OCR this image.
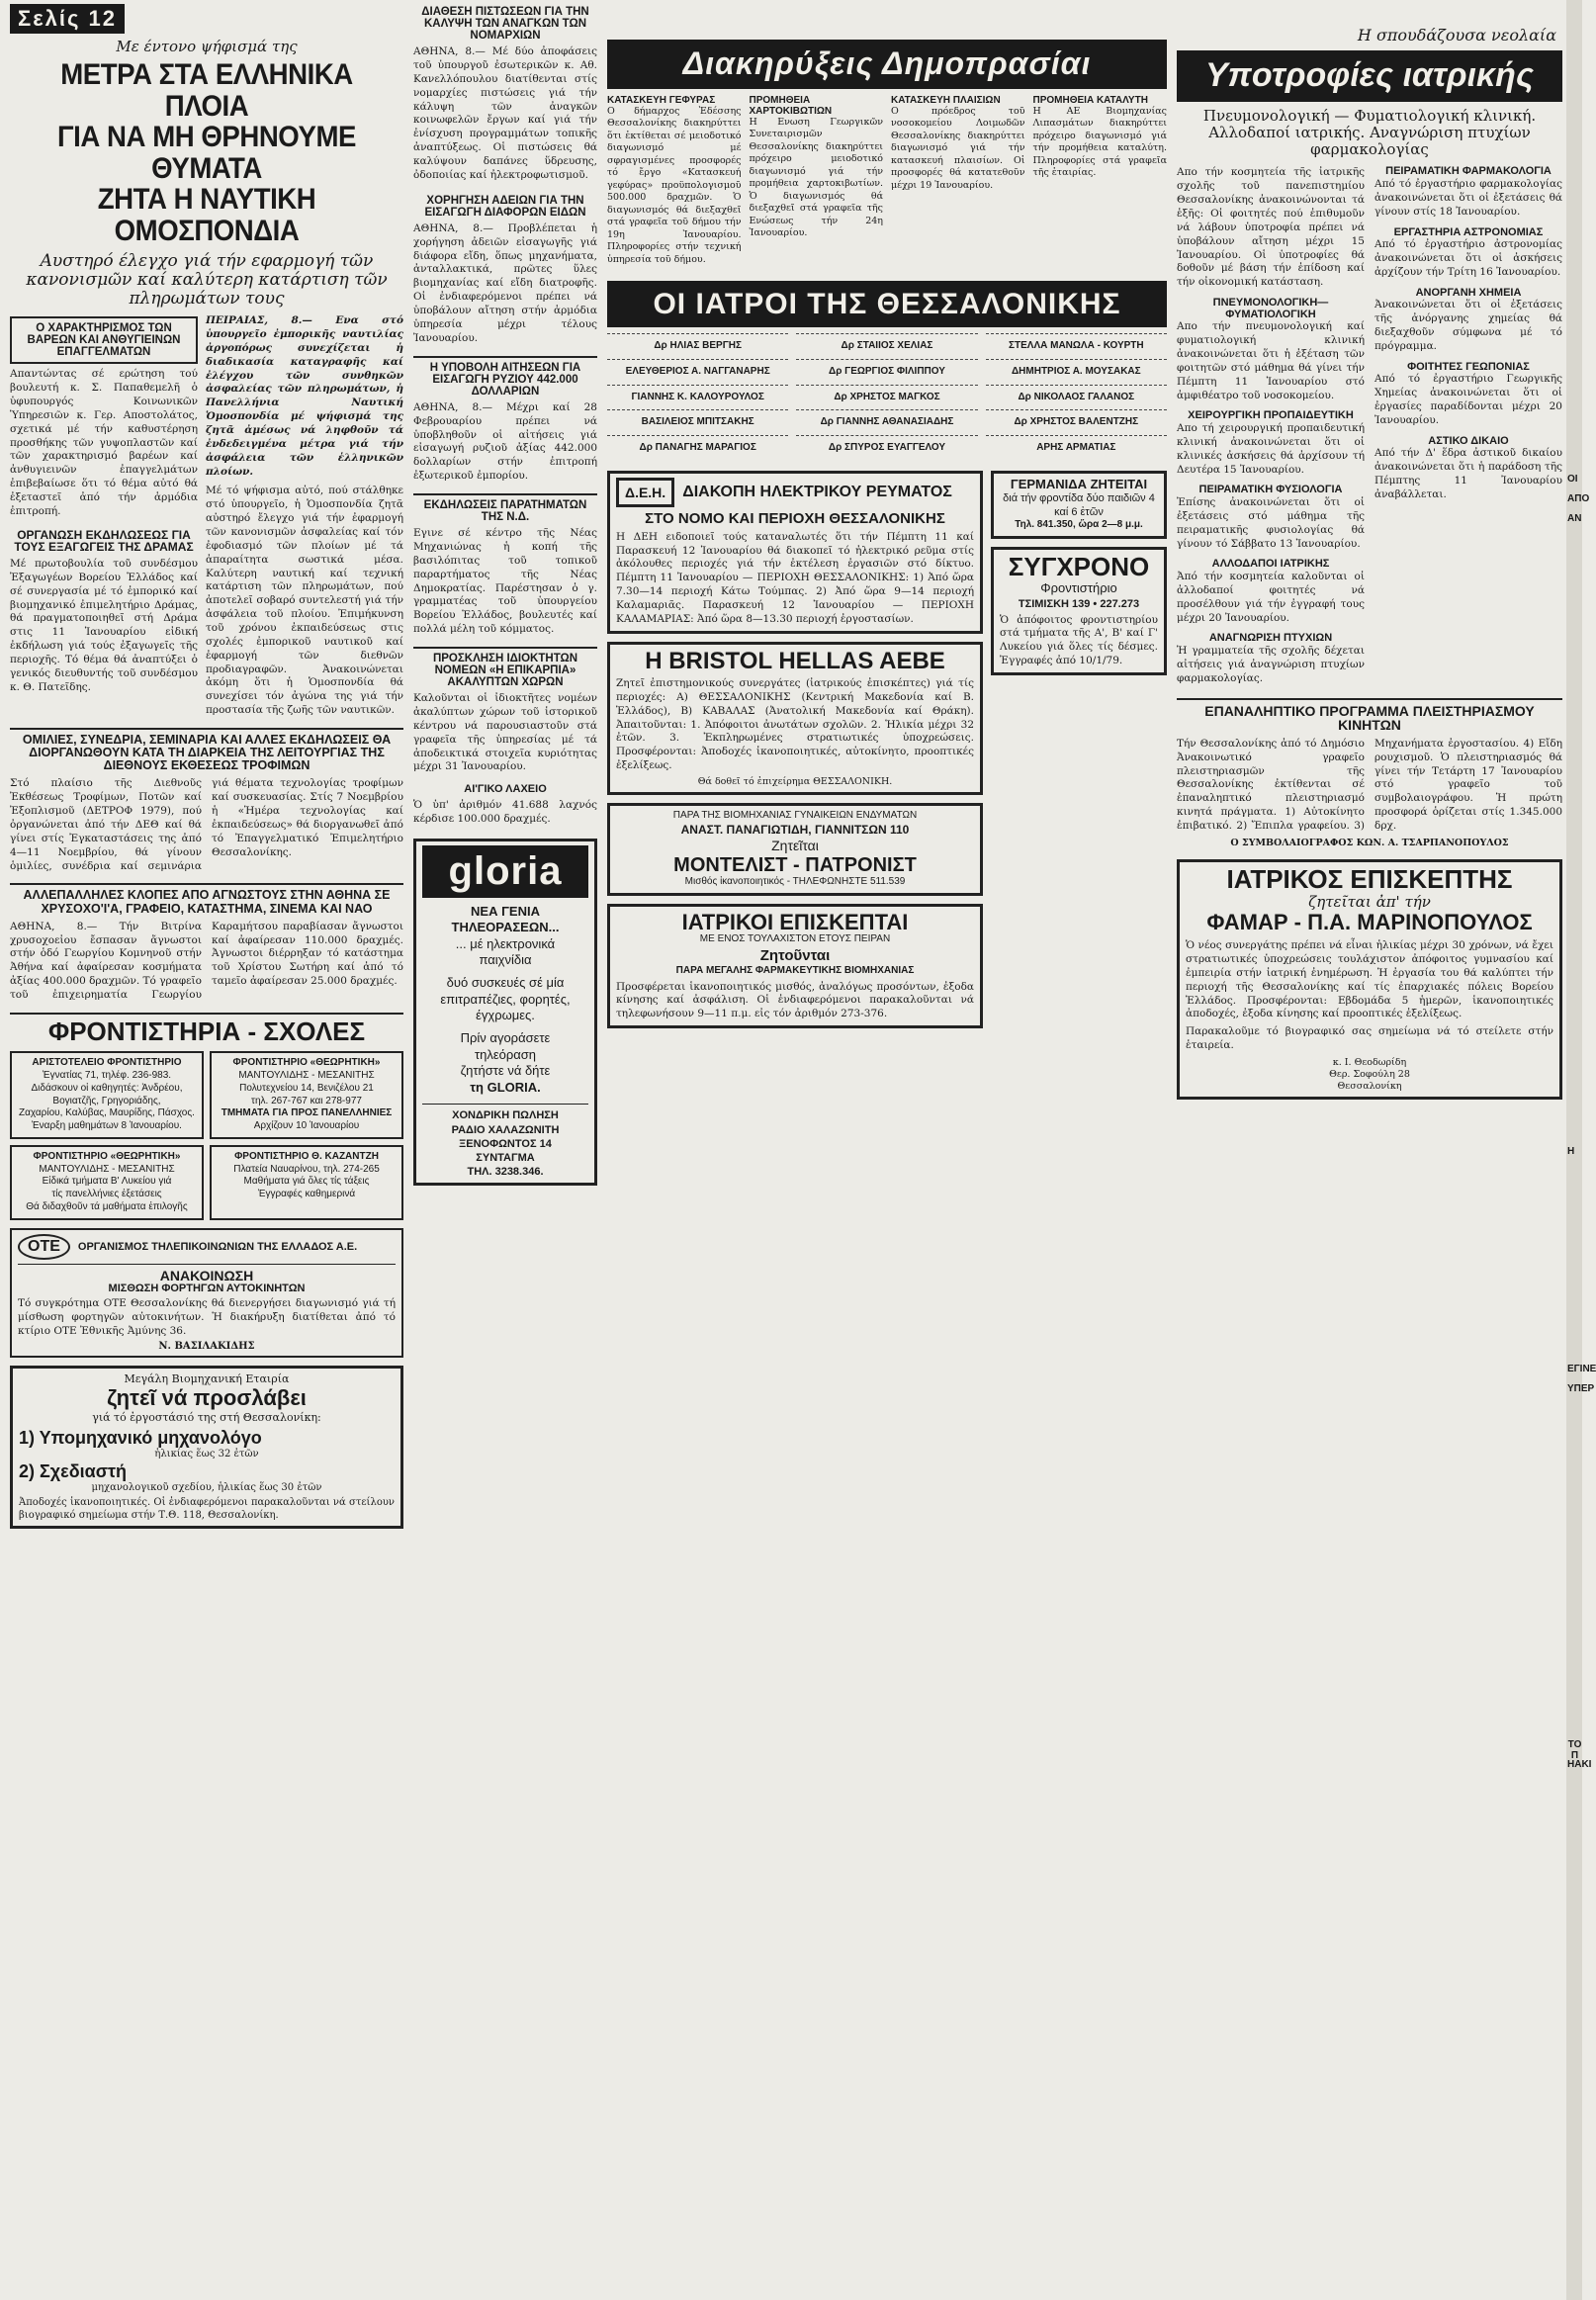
Σελίς 12
Με έντονο ψήφισμά της
ΜΕΤΡΑ ΣΤΑ ΕΛΛΗΝΙΚΑ ΠΛΟΙΑ
ΓΙΑ ΝΑ ΜΗ ΘΡΗΝΟΥΜΕ ΘΥΜΑΤΑ
ΖΗΤΑ Η ΝΑΥΤΙΚΗ ΟΜΟΣΠΟΝΔΙΑ
Αυστηρό έλεγχο γιά τήν εφαρμογή τῶν κανονισμῶν καί καλύτερη κατάρτιση τῶν πληρωμάτων τους
Ο ΧΑΡΑΚΤΗΡΙΣΜΟΣ ΤΩΝ ΒΑΡΕΩΝ ΚΑΙ ΑΝΘΥΓΙΕΙΝΩΝ ΕΠΑΓΓΕΛΜΑΤΩΝ
Απαντώντας σέ ερώτηση τού βουλευτή κ. Σ. Παπαθεμελῆ ὁ ὑφυπουργός Κοινωνικῶν Ὑπηρεσιῶν κ. Γερ. Αποστολάτος, σχετικά μέ τήν καθυστέρηση προσθήκης τῶν γυψοπλαστῶν καί τῶν χαρακτηρισμό βαρέων καί ἀνθυγιεινῶν ἐπαγγελμάτων ἐπιβεβαίωσε ὅτι τό θέμα αὐτό θά ἐξεταστεῖ ἀπό τήν ἁρμόδια ἐπιτροπή.
ΟΡΓΑΝΩΣΗ ΕΚΔΗΛΩΣΕΩΣ ΓΙΑ ΤΟΥΣ ΕΞΑΓΩΓΕΙΣ ΤΗΣ ΔΡΑΜΑΣ
Μέ πρωτοβουλία τοῦ συνδέσμου Ἐξαγωγέων Βορείου Ἑλλάδος καί σέ συνεργασία μέ τό ἐμπορικό καί βιομηχανικό ἐπιμελητήριο Δράμας, θά πραγματοποιηθεῖ στή Δράμα στις 11 Ἰανουαρίου εἰδική ἐκδήλωση γιά τούς ἐξαγωγεῖς τῆς περιοχῆς. Τό θέμα θά ἀναπτύξει ὁ γενικός διευθυντής τοῦ συνδέσμου κ. Θ. Πατεῖδης.
ΠΕΙΡΑΙΑΣ, 8.— Ενα στό ὑπουργεῖο ἐμπορικῆς ναυτιλίας ἀργοπόρως συνεχίζεται ἡ διαδικασία καταγραφῆς καί ἐλέγχου τῶν συνθηκῶν ἀσφαλείας τῶν πληρωμάτων, ἡ Πανελλήνια Ναυτική Ὁμοσπονδία μέ ψήφισμά της ζητᾶ ἀμέσως νά ληφθοῦν τά ἐνδεδειγμένα μέτρα γιά τήν ἀσφάλεια τῶν ἑλληνικῶν πλοίων.
Μέ τό ψήφισμα αὐτό, πού στάλθηκε στό ὑπουργεῖο, ἡ Ὁμοσπονδία ζητᾶ αὐστηρό ἔλεγχο γιά τήν ἐφαρμογή τῶν κανονισμῶν ἀσφαλείας καί τόν ἐφοδιασμό τῶν πλοίων μέ τά ἀπαραίτητα σωστικά μέσα. Καλύτερη ναυτική καί τεχνική κατάρτιση τῶν πληρωμάτων, πού ἀποτελεῖ σοβαρό συντελεστή γιά τήν ἀσφάλεια τοῦ πλοίου. Ἐπιμήκυνση τοῦ χρόνου ἐκπαιδεύσεως στις σχολές ἐμπορικοῦ ναυτικοῦ καί ἐφαρμογή τῶν διεθνῶν προδιαγραφῶν. Ἀνακοινώνεται ἀκόμη ὅτι ἡ Ὁμοσπονδία θά συνεχίσει τόν ἀγώνα της γιά τήν προστασία τῆς ζωῆς τῶν ναυτικῶν.
ΟΜΙΛΙΕΣ, ΣΥΝΕΔΡΙΑ, ΣΕΜΙΝΑΡΙΑ ΚΑΙ ΑΛΛΕΣ ΕΚΔΗΛΩΣΕΙΣ ΘΑ ΔΙΟΡΓΑΝΩΘΟΥΝ ΚΑΤΑ ΤΗ ΔΙΑΡΚΕΙΑ ΤΗΣ ΛΕΙΤΟΥΡΓΙΑΣ ΤΗΣ ΔΙΕΘΝΟΥΣ ΕΚΘΕΣΕΩΣ ΤΡΟΦΙΜΩΝ
Στό πλαίσιο τῆς Διεθνοῦς Ἐκθέσεως Τροφίμων, Ποτῶν καί Ἐξοπλισμοῦ (ΔΕΤΡΟΦ 1979), πού ὀργανώνεται ἀπό τήν ΔΕΘ καί θά γίνει στίς Ἐγκαταστάσεις της ἀπό 4—11 Νοεμβρίου, θά γίνουν ὁμιλίες, συνέδρια καί σεμινάρια γιά θέματα τεχνολογίας τροφίμων καί συσκευασίας. Στίς 7 Νοεμβρίου ἡ «Ἡμέρα τεχνολογίας καί ἐκπαιδεύσεως» θά διοργανωθεῖ ἀπό τό Ἐπαγγελματικό Ἐπιμελητήριο Θεσσαλονίκης.
ΑΛΛΕΠΑΛΛΗΛΕΣ ΚΛΟΠΕΣ ΑΠΟ ΑΓΝΩΣΤΟΥΣ ΣΤΗΝ ΑΘΗΝΑ ΣΕ ΧΡΥΣΟΧΟ'Ι'Α, ΓΡΑΦΕΙΟ, ΚΑΤΑΣΤΗΜΑ, ΣΙΝΕΜΑ ΚΑΙ ΝΑΟ
ΑΘΗΝΑ, 8.— Τήν Βιτρίνα χρυσοχοεἰου ἔσπασαν ἄγνωστοι στήν ὁδό Γεωργίου Κομνηνοῦ στήν Ἀθήνα καί ἀφαίρεσαν κοσμήματα ἀξίας 400.000 δραχμῶν. Τό γραφεῖο τοῦ ἐπιχειρηματία Γεωργίου Καραμήτσου παραβίασαν ἄγνωστοι καί ἀφαίρεσαν 110.000 δραχμές. Ἀγνωστοι διέρρηξαν τό κατάστημα τοῦ Χρίστου Σωτήρη καί ἀπό τό ταμεῖο ἀφαίρεσαν 25.000 δραχμές.
ΦΡΟΝΤΙΣΤΗΡΙΑ - ΣΧΟΛΕΣ
ΑΡΙΣΤΟΤΕΛΕΙΟ ΦΡΟΝΤΙΣΤΗΡΙΟ
Ἐγνατίας 71, τηλέφ. 236-983.
Διδάσκουν οἱ καθηγητές: Ἀνδρέου, Βογιατζῆς, Γρηγοριάδης,
Ζαχαρίου, Καλύβας, Μαυρίδης, Πάσχος.
Ἐναρξη μαθημάτων 8 Ἰανουαρίου.
ΦΡΟΝΤΙΣΤΗΡΙΟ «ΘΕΩΡΗΤΙΚΗ»
ΜΑΝΤΟΥΛΙΔΗΣ - ΜΕΣΑΝΙΤΗΣ
Πολυτεχνείου 14, Βενιζέλου 21
τηλ. 267-767 και 278-977
ΤΜΗΜΑΤΑ ΓΙΑ ΠΡΟΣ ΠΑΝΕΛΛΗΝΙΕΣ
Αρχίζουν 10 Ἰανουαρίου
ΦΡΟΝΤΙΣΤΗΡΙΟ «ΘΕΩΡΗΤΙΚΗ»
ΜΑΝΤΟΥΛΙΔΗΣ - ΜΕΣΑΝΙΤΗΣ
Εἰδικά τμήματα Β' Λυκείου γιά
τίς πανελλήνιες ἐξετάσεις
Θά διδαχθοῦν τά μαθήματα ἐπιλογῆς
ΦΡΟΝΤΙΣΤΗΡΙΟ Θ. ΚΑΖΑΝΤΖΗ
Πλατεία Ναυαρίνου, τηλ. 274-265
Μαθήματα γιά ὅλες τίς τάξεις
Ἐγγραφές καθημερινά
ΟΤΕ	ΟΡΓΑΝΙΣΜΟΣ ΤΗΛΕΠΙΚΟΙΝΩΝΙΩΝ ΤΗΣ ΕΛΛΑΔΟΣ Α.Ε.
ΑΝΑΚΟΙΝΩΣΗ
ΜΙΣΘΩΣΗ ΦΟΡΤΗΓΩΝ ΑΥΤΟΚΙΝΗΤΩΝ
Τό συγκρότημα ΟΤΕ Θεσσαλονίκης θά διενεργήσει διαγωνισμό γιά τή μίσθωση φορτηγῶν αὐτοκινήτων. Ἡ διακήρυξη διατίθεται ἀπό τό κτίριο ΟΤΕ Ἐθνικῆς Ἀμύνης 36.
Ν. ΒΑΣΙΛΑΚΙΔΗΣ
Μεγάλη Βιομηχανική Εταιρία
ζητεῖ νά προσλάβει
γιά τό ἐργοστάσιό της στή Θεσσαλονίκη:
1) Υπομηχανικό μηχανολόγο
ἡλικίας ἕως 32 ἐτῶν
2) Σχεδιαστή
μηχανολογικοῦ σχεδίου, ἡλικίας ἕως 30 ἐτῶν
Ἀποδοχές ἱκανοποιητικές. Οἱ ἐνδιαφερόμενοι παρακαλοῦνται νά στείλουν βιογραφικό σημείωμα στήν Τ.Θ. 118, Θεσσαλονίκη.
ΔΙΑΘΕΣΗ ΠΙΣΤΩΣΕΩΝ ΓΙΑ ΤΗΝ ΚΑΛΥΨΗ ΤΩΝ ΑΝΑΓΚΩΝ ΤΩΝ ΝΟΜΑΡΧΙΩΝ
ΑΘΗΝΑ, 8.— Μέ δύο ἀποφάσεις τοῦ ὑπουργοῦ ἐσωτερικῶν κ. Αθ. Κανελλόπουλου διατίθενται στίς νομαρχίες πιστώσεις γιά τήν κάλυψη τῶν ἀναγκῶν κοινωφελῶν ἔργων καί γιά τήν ἐνίσχυση προγραμμάτων τοπικῆς ἀναπτύξεως. Οἱ πιστώσεις θά καλύψουν δαπάνες ὕδρευσης, ὀδοποιίας καί ἠλεκτροφωτισμοῦ.
ΧΟΡΗΓΗΣΗ ΑΔΕΙΩΝ ΓΙΑ ΤΗΝ ΕΙΣΑΓΩΓΗ ΔΙΑΦΟΡΩΝ ΕΙΔΩΝ
ΑΘΗΝΑ, 8.— Προβλέπεται ἡ χορήγηση ἀδειῶν εἰσαγωγῆς γιά διάφορα εἴδη, ὅπως μηχανήματα, ἀνταλλακτικά, πρῶτες ὕλες βιομηχανίας καί εἴδη διατροφῆς. Οἱ ἐνδιαφερόμενοι πρέπει νά ὑποβάλουν αἴτηση στήν ἁρμόδια ὑπηρεσία μέχρι τέλους Ἰανουαρίου.
Η ΥΠΟΒΟΛΗ ΑΙΤΗΣΕΩΝ ΓΙΑ ΕΙΣΑΓΩΓΗ ΡΥΖΙΟΥ 442.000 ΔΟΛΛΑΡΙΩΝ
ΑΘΗΝΑ, 8.— Μέχρι καί 28 Φεβρουαρίου πρέπει νά ὑποβληθοῦν οἱ αἰτήσεις γιά εἰσαγωγή ρυζιοῦ ἀξίας 442.000 δολλαρίων στήν ἐπιτροπή ἐξωτερικοῦ ἐμπορίου.
ΕΚΔΗΛΩΣΕΙΣ ΠΑΡΑΤΗΜΑΤΩΝ ΤΗΣ Ν.Δ.
Εγινε σέ κέντρο τῆς Νέας Μηχανιώνας ἡ κοπή τῆς βασιλόπιτας τοῦ τοπικοῦ παραρτήματος τῆς Νέας Δημοκρατίας. Παρέστησαν ὁ γ. γραμματέας τοῦ ὑπουργείου Βορείου Ἑλλάδος, βουλευτές καί πολλά μέλη τοῦ κόμματος.
ΠΡΟΣΚΛΗΣΗ ΙΔΙΟΚΤΗΤΩΝ ΝΟΜΕΩΝ «Η ΕΠΙΚΑΡΠΙΑ» ΑΚΑΛΥΠΤΩΝ ΧΩΡΩΝ
Καλοῦνται οἱ ἰδιοκτῆτες νομέων ἀκαλύπτων χώρων τοῦ ἱστορικοῦ κέντρου νά παρουσιαστοῦν στά γραφεῖα τῆς ὑπηρεσίας μέ τά ἀποδεικτικά στοιχεῖα κυριότητας μέχρι 31 Ἰανουαρίου.
ΑΙ'ΓΙΚΟ ΛΑΧΕΙΟ
Ὁ ὑπ' ἀριθμόν 41.688 λαχνός κέρδισε 100.000 δραχμές.
gloria
ΝΕΑ ΓΕΝΙΑ
ΤΗΛΕΟΡΑΣΕΩΝ...
... μέ ηλεκτρονικά
παιχνίδια
δυό συσκευές σέ μία
επιτραπέζιες, φορητές,
έγχρωμες.
Πρίν αγοράσετε
τηλεόραση
ζητήστε νά δήτε
τη GLORIA.
ΧΟΝΔΡΙΚΗ ΠΩΛΗΣΗ
ΡΑΔΙΟ ΧΑΛΑΖΩΝΙΤΗ
ΞΕΝΟΦΩΝΤΟΣ 14
ΣΥΝΤΑΓΜΑ
ΤΗΛ. 3238.346.
Διακηρύξεις Δημοπρασίαι
ΚΑΤΑΣΚΕΥΗ ΓΕΦΥΡΑΣ
Ο δήμαρχος Ἐδέσσης Θεσσαλονίκης διακηρύττει ὅτι ἐκτίθεται σέ μειοδοτικό διαγωνισμό μέ σφραγισμένες προσφορές τό ἔργο «Κατασκευή γεφύρας» προϋπολογισμοῦ 500.000 δραχμῶν. Ὁ διαγωνισμός θά διεξαχθεῖ στά γραφεῖα τοῦ δήμου τήν 19η Ἰανουαρίου. Πληροφορίες στήν τεχνική ὑπηρεσία τοῦ δήμου.
ΠΡΟΜΗΘΕΙΑ ΧΑΡΤΟΚΙΒΩΤΙΩΝ
Η Ενωση Γεωργικῶν Συνεταιρισμῶν Θεσσαλονίκης διακηρύττει πρόχειρο μειοδοτικό διαγωνισμό γιά τήν προμήθεια χαρτοκιβωτίων. Ὁ διαγωνισμός θά διεξαχθεῖ στά γραφεῖα τῆς Ενώσεως τήν 24η Ἰανουαρίου.
ΚΑΤΑΣΚΕΥΗ ΠΛΑΙΣΙΩΝ
Ο πρόεδρος τοῦ νοσοκομείου Λοιμωδῶν Θεσσαλονίκης διακηρύττει διαγωνισμό γιά τήν κατασκευή πλαισίων. Οἱ προσφορές θά κατατεθοῦν μέχρι 19 Ἰανουαρίου.
ΠΡΟΜΗΘΕΙΑ ΚΑΤΑΛΥΤΗ
Η ΑΕ Βιομηχανίας Λιπασμάτων διακηρύττει πρόχειρο διαγωνισμό γιά τήν προμήθεια καταλύτη. Πληροφορίες στά γραφεῖα τῆς ἑταιρίας.
ΟΙ ΙΑΤΡΟΙ ΤΗΣ ΘΕΣΣΑΛΟΝΙΚΗΣ
Δρ ΗΛΙΑΣ ΒΕΡΓΗΣ
ΕΛΕΥΘΕΡΙΟΣ Α. ΝΑΓΓΑΝΑΡΗΣ
ΓΙΑΝΝΗΣ Κ. ΚΑΛΟΥΡΟΥΛΟΣ
ΒΑΣΙΛΕΙΟΣ ΜΠΙΤΣΑΚΗΣ
Δρ ΠΑΝΑΓΗΣ ΜΑΡΑΓΙΟΣ
Δρ ΣΤΑΙΙΟΣ ΧΕΛΙΑΣ
Δρ ΓΕΩΡΓΙΟΣ ΦΙΛΙΠΠΟΥ
Δρ ΧΡΗΣΤΟΣ ΜΑΓΚΟΣ
Δρ ΓΙΑΝΝΗΣ ΑΘΑΝΑΣΙΑΔΗΣ
Δρ ΣΠΥΡΟΣ ΕΥΑΓΓΕΛΟΥ
ΣΤΕΛΛΑ ΜΑΝΩΛΑ - ΚΟΥΡΤΗ
ΔΗΜΗΤΡΙΟΣ Α. ΜΟΥΣΑΚΑΣ
Δρ ΝΙΚΟΛΑΟΣ ΓΑΛΑΝΟΣ
Δρ ΧΡΗΣΤΟΣ ΒΑΛΕΝΤΖΗΣ
ΑΡΗΣ ΑΡΜΑΤΙΑΣ
Δ.Ε.Η.	ΔΙΑΚΟΠΗ ΗΛΕΚΤΡΙΚΟΥ ΡΕΥΜΑΤΟΣ
ΣΤΟ ΝΟΜΟ ΚΑΙ ΠΕΡΙΟΧΗ ΘΕΣΣΑΛΟΝΙΚΗΣ
Η ΔΕΗ ειδοποιεῖ τούς καταναλωτές ὅτι τήν Πέμπτη 11 καί Παρασκευή 12 Ἰανουαρίου θά διακοπεῖ τό ἠλεκτρικό ρεῦμα στίς ἀκόλουθες περιοχές γιά τήν ἐκτέλεση ἐργασιῶν στό δίκτυο. Πέμπτη 11 Ἰανουαρίου — ΠΕΡΙΟΧΗ ΘΕΣΣΑΛΟΝΙΚΗΣ: 1) Ἀπό ὥρα 7.30—14 περιοχή Κάτω Τούμπας. 2) Ἀπό ὥρα 9—14 περιοχή Καλαμαριᾶς. Παρασκευή 12 Ἰανουαρίου — ΠΕΡΙΟΧΗ ΚΑΛΑΜΑΡΙΑΣ: Ἀπό ὥρα 8—13.30 περιοχή ἐργοστασίων.
Η BRISTOL HELLAS AEBE
Ζητεῖ ἐπιστημονικούς συνεργάτες (ἰατρικούς ἐπισκέπτες) γιά τίς περιοχές: Α) ΘΕΣΣΑΛΟΝΙΚΗΣ (Κεντρική Μακεδονία καί Β. Ἑλλάδος), Β) ΚΑΒΑΛΑΣ (Ἀνατολική Μακεδονία καί Θράκη). Ἀπαιτοῦνται: 1. Ἀπόφοιτοι ἀνωτάτων σχολῶν. 2. Ἡλικία μέχρι 32 ἐτῶν. 3. Ἐκπληρωμένες στρατιωτικές ὑποχρεώσεις. Προσφέρονται: Ἀποδοχές ἱκανοποιητικές, αὐτοκίνητο, προοπτικές ἐξελίξεως.
Θά δοθεῖ τό ἐπιχείρημα ΘΕΣΣΑΛΟΝΙΚΗ.
ΠΑΡΑ ΤΗΣ ΒΙΟΜΗΧΑΝΙΑΣ ΓΥΝΑΙΚΕΙΩΝ ΕΝΔΥΜΑΤΩΝ
ΑΝΑΣΤ. ΠΑΝΑΓΙΩΤΙΔΗ, ΓΙΑΝΝΙΤΣΩΝ 110
Ζητεῖται
ΜΟΝΤΕΛΙΣΤ - ΠΑΤΡΟΝΙΣΤ
Μισθός ἱκανοποιητικός - ΤΗΛΕΦΩΝΗΣΤΕ 511.539
ΙΑΤΡΙΚΟΙ ΕΠΙΣΚΕΠΤΑΙ
ΜΕ ΕΝΟΣ ΤΟΥΛΑΧΙΣΤΟΝ ΕΤΟΥΣ ΠΕΙΡΑΝ
Ζητοῦνται
ΠΑΡΑ ΜΕΓΑΛΗΣ ΦΑΡΜΑΚΕΥΤΙΚΗΣ ΒΙΟΜΗΧΑΝΙΑΣ
Προσφέρεται ἱκανοποιητικός μισθός, ἀναλόγως προσόντων, ἐξοδα κίνησης καί ἀσφάλιση. Οἱ ἐνδιαφερόμενοι παρακαλοῦνται νά τηλεφωνήσουν 9—11 π.μ. εἰς τόν ἀριθμόν 273-376.
ΓΕΡΜΑΝΙΔΑ ΖΗΤΕΙΤΑΙ
διά τήν φροντίδα δύο παιδιῶν 4 καί 6 ἐτῶν
Τηλ. 841.350, ὥρα 2—8 μ.μ.
ΣΥΓΧΡΟΝΟ
Φροντιστήριο
ΤΣΙΜΙΣΚΗ 139 • 227.273
Ὁ ἀπόφοιτος φροντιστηρίου στά τμήματα τῆς Α', Β' καί Γ' Λυκείου γιά ὅλες τίς δέσμες. Ἐγγραφές ἀπό 10/1/79.
Η σπουδάζουσα νεολαία
Υποτροφίες ιατρικής
Πνευμονολογική — Φυματιολογική κλινική. Αλλοδαποί ιατρικής. Αναγνώριση πτυχίων φαρμακολογίας
Απο τήν κοσμητεία τῆς ἰατρικῆς σχολῆς τοῦ πανεπιστημίου Θεσσαλονίκης ἀνακοινώνονται τά ἑξῆς: Οἱ φοιτητές πού ἐπιθυμοῦν νά λάβουν ὑποτροφία πρέπει νά ὑποβάλουν αἴτηση μέχρι 15 Ἰανουαρίου. Οἱ ὑποτροφίες θά δοθοῦν μέ βάση τήν ἐπίδοση καί τήν οἰκονομική κατάσταση.
ΠΝΕΥΜΟΝΟΛΟΓΙΚΗ—ΦΥΜΑΤΙΟΛΟΓΙΚΗ
Απο τήν πνευμονολογική καί φυματιολογική κλινική ἀνακοινώνεται ὅτι ἡ ἐξέταση τῶν φοιτητῶν στό μάθημα θά γίνει τήν Πέμπτη 11 Ἰανουαρίου στό ἀμφιθέατρο τοῦ νοσοκομείου.
ΧΕΙΡΟΥΡΓΙΚΗ ΠΡΟΠΑΙΔΕΥΤΙΚΗ
Απο τή χειρουργική προπαιδευτική κλινική ἀνακοινώνεται ὅτι οἱ κλινικές ἀσκήσεις θά ἀρχίσουν τή Δευτέρα 15 Ἰανουαρίου.
ΠΕΙΡΑΜΑΤΙΚΗ ΦΥΣΙΟΛΟΓΙΑ
Ἐπίσης ἀνακοινώνεται ὅτι οἱ ἐξετάσεις στό μάθημα τῆς πειραματικῆς φυσιολογίας θά γίνουν τό Σάββατο 13 Ἰανουαρίου.
ΑΛΛΟΔΑΠΟΙ ΙΑΤΡΙΚΗΣ
Ἀπό τήν κοσμητεία καλοῦνται οἱ ἀλλοδαποί φοιτητές νά προσέλθουν γιά τήν ἐγγραφή τους μέχρι 20 Ἰανουαρίου.
ΑΝΑΓΝΩΡΙΣΗ ΠΤΥΧΙΩΝ
Ἡ γραμματεία τῆς σχολῆς δέχεται αἰτήσεις γιά ἀναγνώριση πτυχίων φαρμακολογίας.
ΠΕΙΡΑΜΑΤΙΚΗ ΦΑΡΜΑΚΟΛΟΓΙΑ
Από τό ἐργαστήριο φαρμακολογίας ἀνακοινώνεται ὅτι οἱ ἐξετάσεις θά γίνουν στίς 18 Ἰανουαρίου.
ΕΡΓΑΣΤΗΡΙΑ ΑΣΤΡΟΝΟΜΙΑΣ
Από τό ἐργαστήριο ἀστρονομίας ἀνακοινώνεται ὅτι οἱ ἀσκήσεις ἀρχίζουν τήν Τρίτη 16 Ἰανουαρίου.
ΑΝΟΡΓΑΝΗ ΧΗΜΕΙΑ
Ἀνακοινώνεται ὅτι οἱ ἐξετάσεις τῆς ἀνόργανης χημείας θά διεξαχθοῦν σύμφωνα μέ τό πρόγραμμα.
ΦΟΙΤΗΤΕΣ ΓΕΩΠΟΝΙΑΣ
Από τό ἐργαστήριο Γεωργικῆς Χημείας ἀνακοινώνεται ὅτι οἱ ἐργασίες παραδίδονται μέχρι 20 Ἰανουαρίου.
ΑΣΤΙΚΟ ΔΙΚΑΙΟ
Από τήν Δ' ἕδρα ἀστικοῦ δικαίου ἀνακοινώνεται ὅτι ἡ παράδοση τῆς Πέμπτης 11 Ἰανουαρίου ἀναβάλλεται.
ΕΠΑΝΑΛΗΠΤΙΚΟ ΠΡΟΓΡΑΜΜΑ ΠΛΕΙΣΤΗΡΙΑΣΜΟΥ ΚΙΝΗΤΩΝ
Τήν Θεσσαλονίκης ἀπό τό Δημόσιο Ἀνακοινωτικό γραφεῖο πλειστηριασμῶν τῆς Θεσσαλονίκης ἐκτίθενται σέ ἐπαναληπτικό πλειστηριασμό κινητά πράγματα. 1) Αὐτοκίνητο ἐπιβατικό. 2) Ἔπιπλα γραφείου. 3) Μηχανήματα ἐργοστασίου. 4) Εἴδη ρουχισμοῦ. Ὁ πλειστηριασμός θά γίνει τήν Τετάρτη 17 Ἰανουαρίου στό γραφεῖο τοῦ συμβολαιογράφου. Ἡ πρώτη προσφορά ὁρίζεται στίς 1.345.000 δρχ.
Ο ΣΥΜΒΟΛΑΙΟΓΡΑΦΟΣ ΚΩΝ. Α. ΤΣΑΡΠΑΝΟΠΟΥΛΟΣ
ΙΑΤΡΙΚΟΣ ΕΠΙΣΚΕΠΤΗΣ
ζητεῖται ἀπ' τήν
ΦΑΜΑΡ - Π.Α. ΜΑΡΙΝΟΠΟΥΛΟΣ
Ὁ νέος συνεργάτης πρέπει νά εἶναι ἡλικίας μέχρι 30 χρόνων, νά ἔχει στρατιωτικές ὑποχρεώσεις τουλάχιστον ἀπόφοιτος γυμνασίου καί ἐμπειρία στήν ἰατρική ἐνημέρωση. Ἡ ἐργασία του θά καλύπτει τήν περιοχή τῆς Θεσσαλονίκης καί τίς ἐπαρχιακές πόλεις Βορείου Ἑλλάδος. Προσφέρονται: Εβδομάδα 5 ἡμερῶν, ἱκανοποιητικές ἀποδοχές, ἐξοδα κίνησης καί προοπτικές ἐξελίξεως.
Παρακαλοῦμε τό βιογραφικό σας σημείωμα νά τό στείλετε στήν ἑταιρεία.
κ. Ι. Θεοδωρίδη
Θερ. Σοφούλη 28
Θεσσαλονίκη
ΟΙ
ΑΠΟ
ΑΝ
Η
ΕΓΙΝΕ
ΥΠΕΡ
ΤΟ Π
ΗΑΚΙ
